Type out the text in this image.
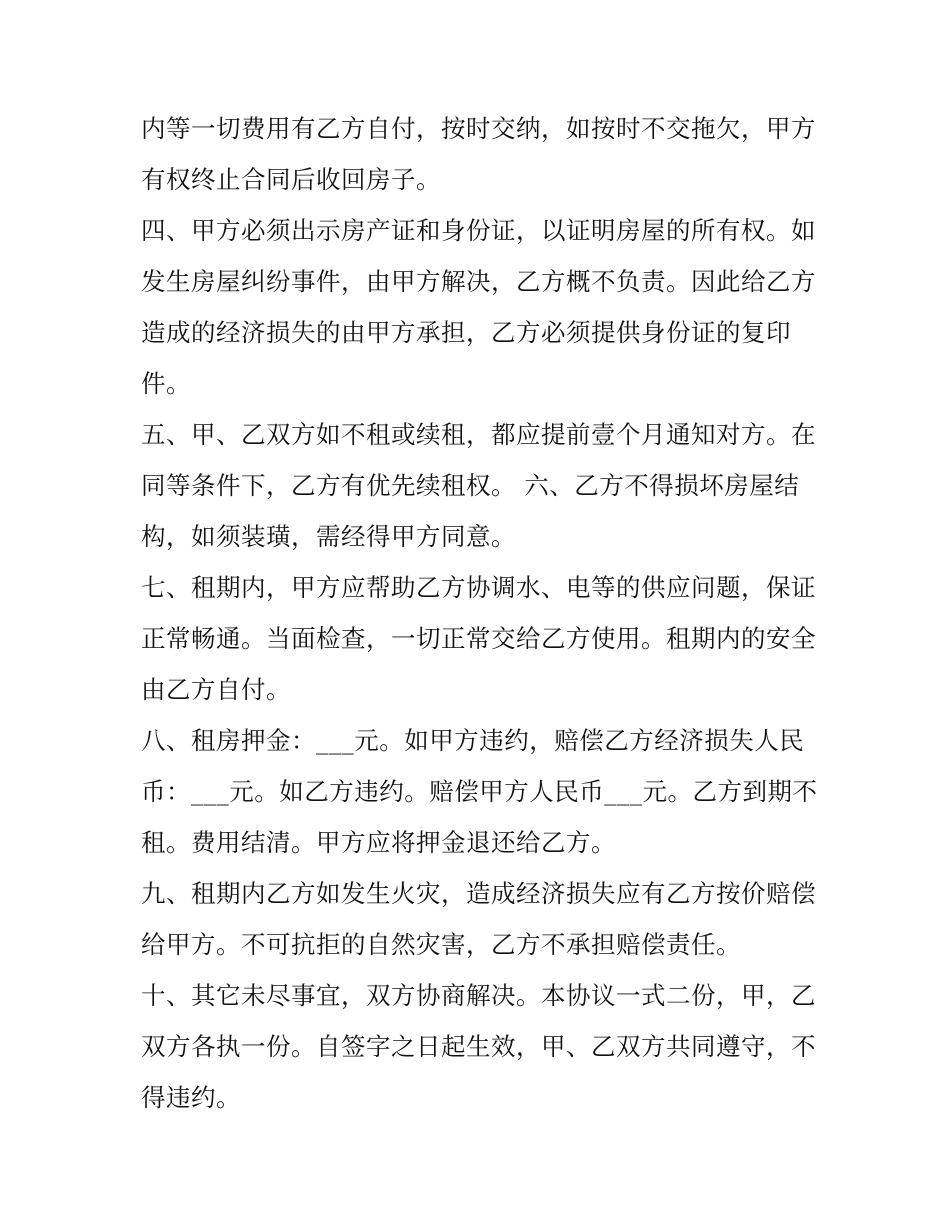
内等一切费用有乙方自付，按时交纳，如按时不交拖欠，甲方
有权终止合同后收回房子。
四、甲方必须出示房产证和身份证，以证明房屋的所有权。如
发生房屋纠纷事件，由甲方解决，乙方概不负责。因此给乙方
造成的经济损失的由甲方承担，乙方必须提供身份证的复印
件。
五、甲、乙双方如不租或续租，都应提前壹个月通知对方。在
同等条件下，乙方有优先续租权。 六、乙方不得损坏房屋结
构，如须装璜，需经得甲方同意。
七、租期内，甲方应帮助乙方协调水、电等的供应问题，保证
正常畅通。当面检查，一切正常交给乙方使用。租期内的安全
由乙方自付。
八、租房押金：___元。如甲方违约，赔偿乙方经济损失人民
币：___元。如乙方违约。赔偿甲方人民币___元。乙方到期不
租。费用结清。甲方应将押金退还给乙方。
九、租期内乙方如发生火灾，造成经济损失应有乙方按价赔偿
给甲方。不可抗拒的自然灾害，乙方不承担赔偿责任。
十、其它未尽事宜，双方协商解决。本协议一式二份，甲，乙
双方各执一份。自签字之日起生效，甲、乙双方共同遵守，不
得违约。
